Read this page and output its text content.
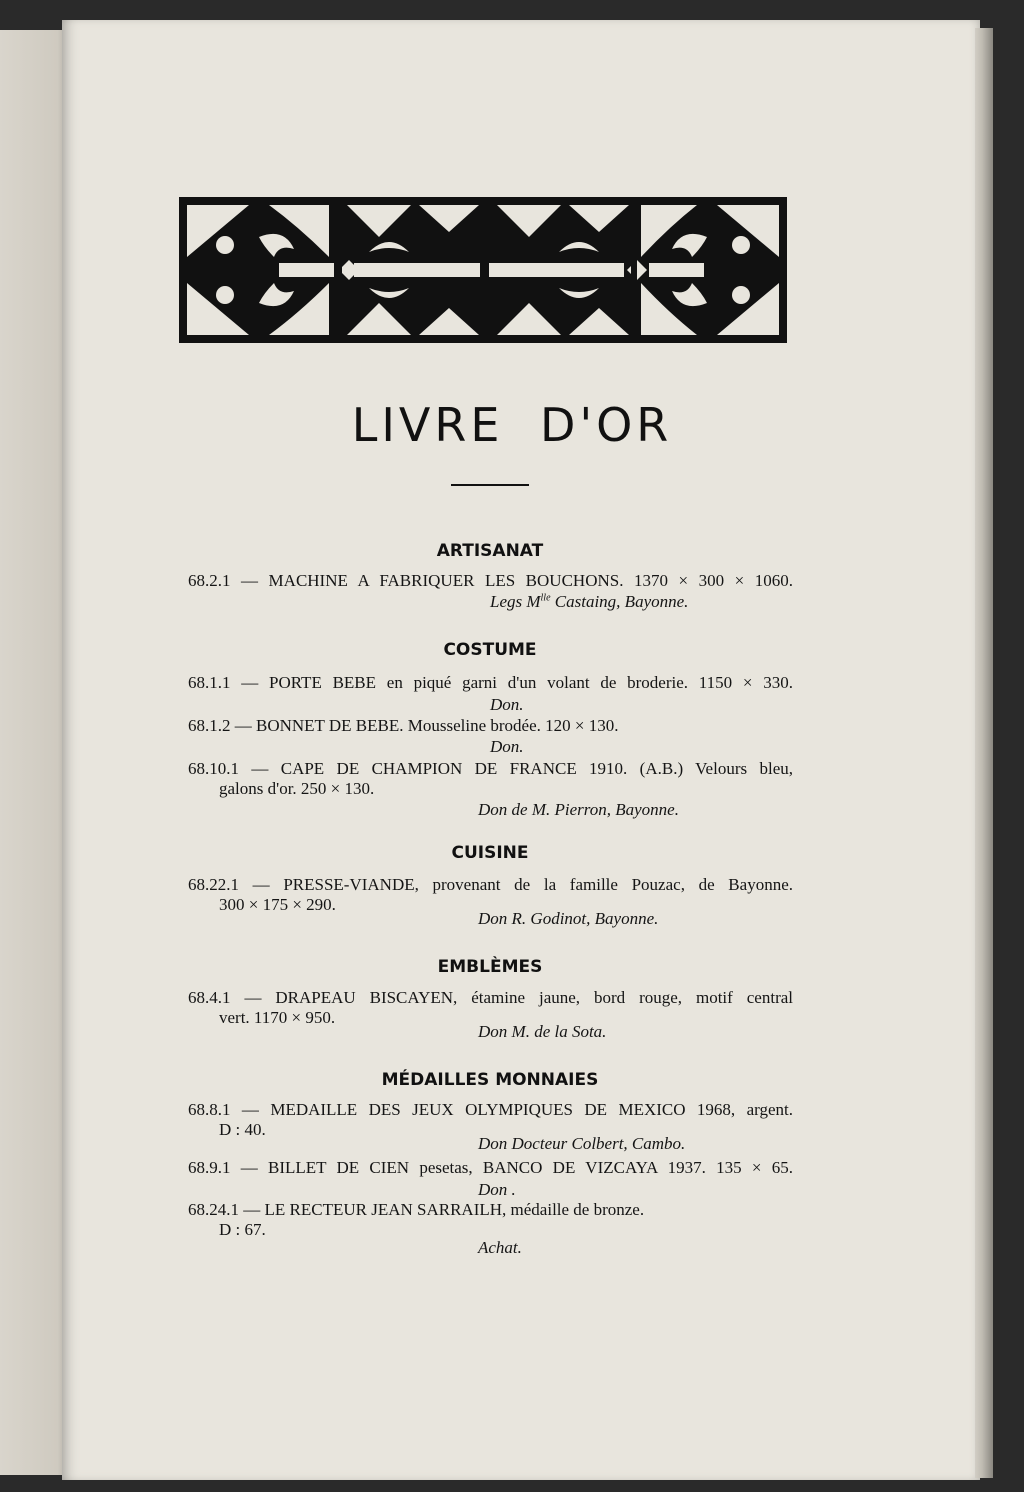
LIVRE D'OR
ARTISANAT
68.2.1 — MACHINE A FABRIQUER LES BOUCHONS. 1370 × 300 × 1060.
Legs $M^{lle}$ Castaing, Bayonne.
COSTUME
68.1.1 — PORTE BEBE en piqué garni d'un volant de broderie. 1150 × 330.
Don.
68.1.2 — BONNET DE BEBE. Mousseline brodée. 120 × 130.
Don.
68.10.1 — CAPE DE CHAMPION DE FRANCE 1910. (A.B.) Velours bleu,
galons d'or. 250 × 130.
Don de M. Pierron, Bayonne.
CUISINE
68.22.1 — PRESSE-VIANDE, provenant de la famille Pouzac, de Bayonne.
300 × 175 × 290.
Don R. Godinot, Bayonne.
EMBLÈMES
68.4.1 — DRAPEAU BISCAYEN, étamine jaune, bord rouge, motif central
vert. 1170 × 950.
Don M. de la Sota.
MÉDAILLES MONNAIES
68.8.1 — MEDAILLE DES JEUX OLYMPIQUES DE MEXICO 1968, argent.
D : 40.
Don Docteur Colbert, Cambo.
68.9.1 — BILLET DE CIEN pesetas, BANCO DE VIZCAYA 1937. 135 × 65.
Don .
68.24.1 — LE RECTEUR JEAN SARRAILH, médaille de bronze.
D : 67.
Achat.
